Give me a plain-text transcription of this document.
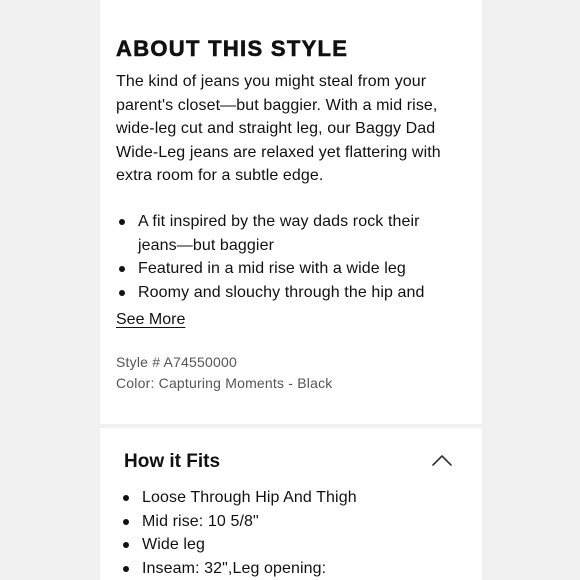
ABOUT THIS STYLE

The kind of jeans you might steal from your parent's closet—but baggier. With a mid rise, wide-leg cut and straight leg, our Baggy Dad Wide-Leg jeans are relaxed yet flattering with extra room for a subtle edge.

A fit inspired by the way dads rock their jeans—but baggier
Featured in a mid rise with a wide leg
Roomy and slouchy through the hip and
See More
Style # A74550000
Color: Capturing Moments - Black
How it Fits
Loose Through Hip And Thigh
Mid rise: 10 5/8"
Wide leg
Inseam: 32",Leg opening:
